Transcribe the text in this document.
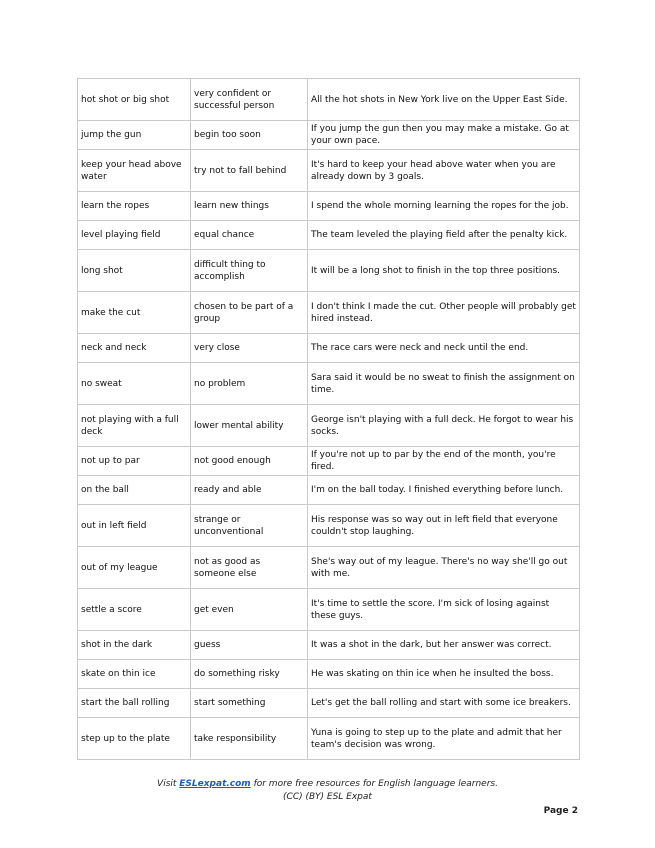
hot shot or big shot	very confident or successful person	All the hot shots in New York live on the Upper East Side.
jump the gun	begin too soon	If you jump the gun then you may make a mistake. Go at your own pace.
keep your head above water	try not to fall behind	It's hard to keep your head above water when you are already down by 3 goals.
learn the ropes	learn new things	I spend the whole morning learning the ropes for the job.
level playing field	equal chance	The team leveled the playing field after the penalty kick.
long shot	difficult thing to accomplish	It will be a long shot to finish in the top three positions.
make the cut	chosen to be part of a group	I don't think I made the cut. Other people will probably get hired instead.
neck and neck	very close	The race cars were neck and neck until the end.
no sweat	no problem	Sara said it would be no sweat to finish the assignment on time.
not playing with a full deck	lower mental ability	George isn't playing with a full deck. He forgot to wear his socks.
not up to par	not good enough	If you're not up to par by the end of the month, you're fired.
on the ball	ready and able	I'm on the ball today. I finished everything before lunch.
out in left field	strange or unconventional	His response was so way out in left field that everyone couldn't stop laughing.
out of my league	not as good as someone else	She's way out of my league. There's no way she'll go out with me.
settle a score	get even	It's time to settle the score. I'm sick of losing against these guys.
shot in the dark	guess	It was a shot in the dark, but her answer was correct.
skate on thin ice	do something risky	He was skating on thin ice when he insulted the boss.
start the ball rolling	start something	Let's get the ball rolling and start with some ice breakers.
step up to the plate	take responsibility	Yuna is going to step up to the plate and admit that her team's decision was wrong.
Visit ESLexpat.com for more free resources for English language learners.
(CC) (BY) ESL Expat
Page 2
